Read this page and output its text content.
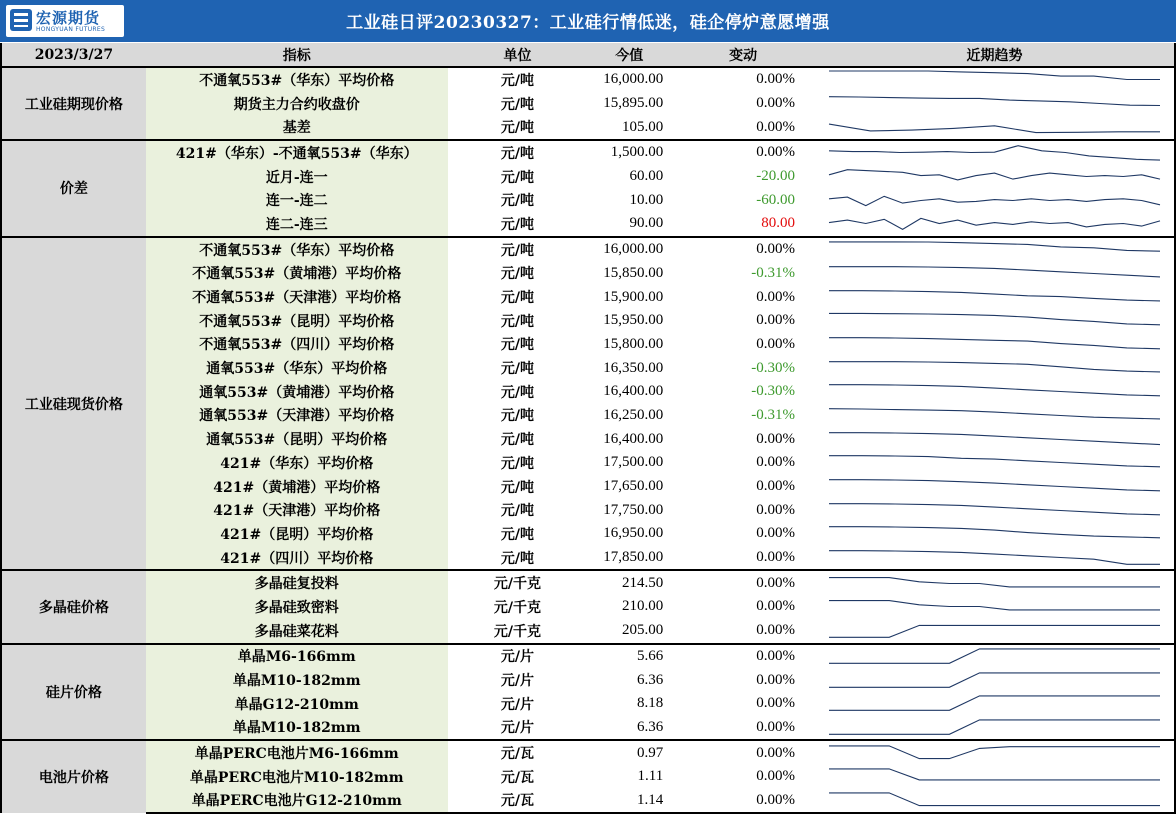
宏源期货
HONGYUAN FUTURES	工业硅日评20230327：工业硅行情低迷，硅企停炉意愿增强
2023/3/27	指标	单位	今值	变动	近期趋势
工业硅期现价格	不通氧553#（华东）平均价格	元/吨	16,000.00	0.00%	

	期货主力合约收盘价	元/吨	15,895.00	0.00%	

	基差	元/吨	105.00	0.00%	

价差	421#（华东）-不通氧553#（华东）	元/吨	1,500.00	0.00%	

	近月-连一	元/吨	60.00	-20.00	

	连一-连二	元/吨	10.00	-60.00	

	连二-连三	元/吨	90.00	80.00	

工业硅现货价格	不通氧553#（华东）平均价格	元/吨	16,000.00	0.00%	

	不通氧553#（黄埔港）平均价格	元/吨	15,850.00	-0.31%	

	不通氧553#（天津港）平均价格	元/吨	15,900.00	0.00%	

	不通氧553#（昆明）平均价格	元/吨	15,950.00	0.00%	

	不通氧553#（四川）平均价格	元/吨	15,800.00	0.00%	

	通氧553#（华东）平均价格	元/吨	16,350.00	-0.30%	

	通氧553#（黄埔港）平均价格	元/吨	16,400.00	-0.30%	

	通氧553#（天津港）平均价格	元/吨	16,250.00	-0.31%	

	通氧553#（昆明）平均价格	元/吨	16,400.00	0.00%	

	421#（华东）平均价格	元/吨	17,500.00	0.00%	

	421#（黄埔港）平均价格	元/吨	17,650.00	0.00%	

	421#（天津港）平均价格	元/吨	17,750.00	0.00%	

	421#（昆明）平均价格	元/吨	16,950.00	0.00%	

	421#（四川）平均价格	元/吨	17,850.00	0.00%	

多晶硅价格	多晶硅复投料	元/千克	214.50	0.00%	

	多晶硅致密料	元/千克	210.00	0.00%	

	多晶硅菜花料	元/千克	205.00	0.00%	

硅片价格	单晶M6-166mm	元/片	5.66	0.00%	

	单晶M10-182mm	元/片	6.36	0.00%	

	单晶G12-210mm	元/片	8.18	0.00%	

	单晶M10-182mm	元/片	6.36	0.00%	

电池片价格	单晶PERC电池片M6-166mm	元/瓦	0.97	0.00%	

	单晶PERC电池片M10-182mm	元/瓦	1.11	0.00%	

	单晶PERC电池片G12-210mm	元/瓦	1.14	0.00%	
